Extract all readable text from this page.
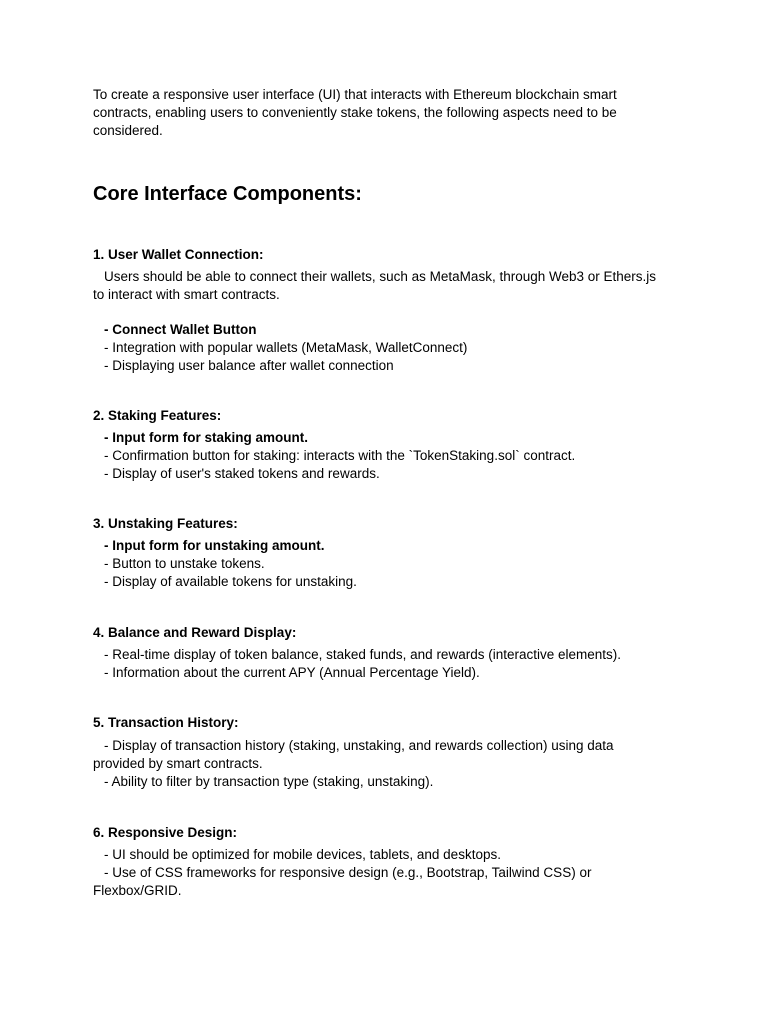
To create a responsive user interface (UI) that interacts with Ethereum blockchain smart contracts, enabling users to conveniently stake tokens, the following aspects need to be considered.

Core Interface Components:

1. User Wallet Connection:

Users should be able to connect their wallets, such as MetaMask, through Web3 or Ethers.js to interact with smart contracts.

- Connect Wallet Button

- Integration with popular wallets (MetaMask, WalletConnect)

- Displaying user balance after wallet connection

2. Staking Features:

- Input form for staking amount.

- Confirmation button for staking: interacts with the `TokenStaking.sol` contract.

- Display of user's staked tokens and rewards.

3. Unstaking Features:

- Input form for unstaking amount.

- Button to unstake tokens.

- Display of available tokens for unstaking.

4. Balance and Reward Display:

- Real-time display of token balance, staked funds, and rewards (interactive elements).

- Information about the current APY (Annual Percentage Yield).

5. Transaction History:

- Display of transaction history (staking, unstaking, and rewards collection) using data provided by smart contracts.

- Ability to filter by transaction type (staking, unstaking).

6. Responsive Design:

- UI should be optimized for mobile devices, tablets, and desktops.

- Use of CSS frameworks for responsive design (e.g., Bootstrap, Tailwind CSS) or Flexbox/GRID.
